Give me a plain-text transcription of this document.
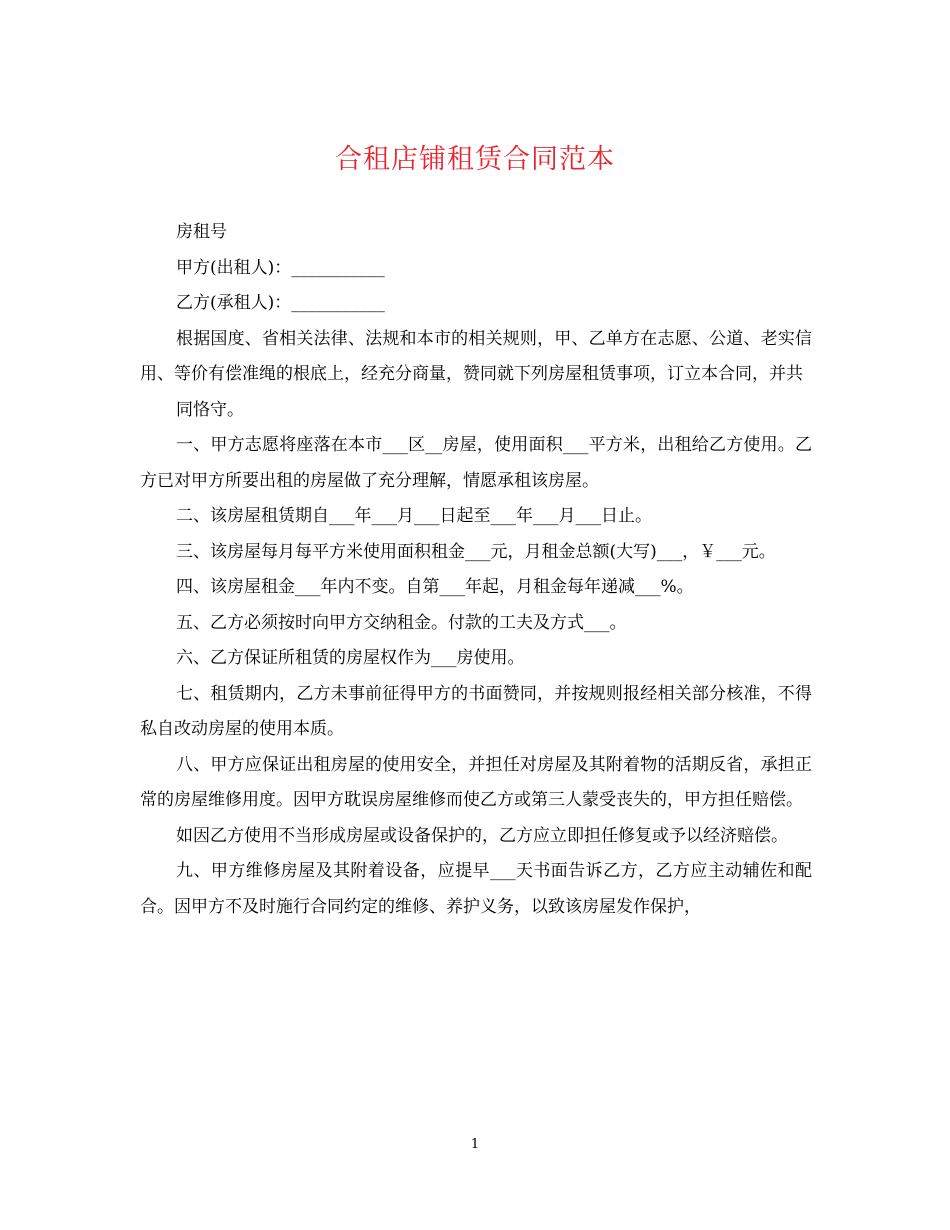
合租店铺租赁合同范本

房租号

甲方(出租人)：___________

乙方(承租人)：___________

根据国度、省相关法律、法规和本市的相关规则，甲、乙单方在志愿、公道、老实信用、等价有偿准绳的根底上，经充分商量，赞同就下列房屋租赁事项，订立本合同，并共

同恪守。

一、甲方志愿将座落在本市___区__房屋，使用面积___平方米，出租给乙方使用。乙方已对甲方所要出租的房屋做了充分理解，情愿承租该房屋。

二、该房屋租赁期自___年___月___日起至___年___月___日止。

三、该房屋每月每平方米使用面积租金___元，月租金总额(大写)___，￥___元。

四、该房屋租金___年内不变。自第___年起，月租金每年递减___%。

五、乙方必须按时向甲方交纳租金。付款的工夫及方式___。

六、乙方保证所租赁的房屋权作为___房使用。

七、租赁期内，乙方未事前征得甲方的书面赞同，并按规则报经相关部分核准，不得私自改动房屋的使用本质。

八、甲方应保证出租房屋的使用安全，并担任对房屋及其附着物的活期反省，承担正常的房屋维修用度。因甲方耽误房屋维修而使乙方或第三人蒙受丧失的，甲方担任赔偿。

如因乙方使用不当形成房屋或设备保护的，乙方应立即担任修复或予以经济赔偿。

九、甲方维修房屋及其附着设备，应提早___天书面告诉乙方，乙方应主动辅佐和配合。因甲方不及时施行合同约定的维修、养护义务，以致该房屋发作保护，

1
